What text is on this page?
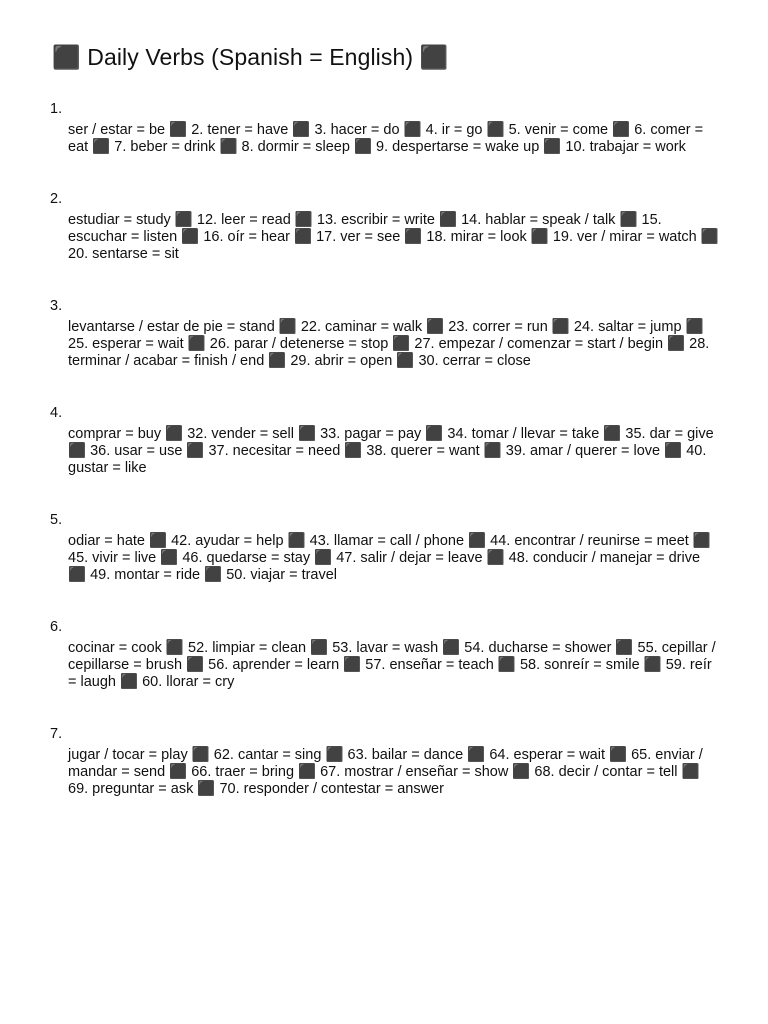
⬛ Daily Verbs (Spanish = English) ⬛
1.
ser / estar = be ⬛ 2. tener = have ⬛ 3. hacer = do ⬛ 4. ir = go ⬛ 5. venir = come ⬛ 6. comer = eat ⬛ 7. beber = drink ⬛ 8. dormir = sleep ⬛ 9. despertarse = wake up ⬛ 10. trabajar = work
2.
estudiar = study ⬛ 12. leer = read ⬛ 13. escribir = write ⬛ 14. hablar = speak / talk ⬛ 15. escuchar = listen ⬛ 16. oír = hear ⬛ 17. ver = see ⬛ 18. mirar = look ⬛ 19. ver / mirar = watch ⬛ 20. sentarse = sit
3.
levantarse / estar de pie = stand ⬛ 22. caminar = walk ⬛ 23. correr = run ⬛ 24. saltar = jump ⬛ 25. esperar = wait ⬛ 26. parar / detenerse = stop ⬛ 27. empezar / comenzar = start / begin ⬛ 28. terminar / acabar = finish / end ⬛ 29. abrir = open ⬛ 30. cerrar = close
4.
comprar = buy ⬛ 32. vender = sell ⬛ 33. pagar = pay ⬛ 34. tomar / llevar = take ⬛ 35. dar = give ⬛ 36. usar = use ⬛ 37. necesitar = need ⬛ 38. querer = want ⬛ 39. amar / querer = love ⬛ 40. gustar = like
5.
odiar = hate ⬛ 42. ayudar = help ⬛ 43. llamar = call / phone ⬛ 44. encontrar / reunirse = meet ⬛ 45. vivir = live ⬛ 46. quedarse = stay ⬛ 47. salir / dejar = leave ⬛ 48. conducir / manejar = drive ⬛ 49. montar = ride ⬛ 50. viajar = travel
6.
cocinar = cook ⬛ 52. limpiar = clean ⬛ 53. lavar = wash ⬛ 54. ducharse = shower ⬛ 55. cepillar / cepillarse = brush ⬛ 56. aprender = learn ⬛ 57. enseñar = teach ⬛ 58. sonreír = smile ⬛ 59. reír = laugh ⬛ 60. llorar = cry
7.
jugar / tocar = play ⬛ 62. cantar = sing ⬛ 63. bailar = dance ⬛ 64. esperar = wait ⬛ 65. enviar / mandar = send ⬛ 66. traer = bring ⬛ 67. mostrar / enseñar = show ⬛ 68. decir / contar = tell ⬛ 69. preguntar = ask ⬛ 70. responder / contestar = answer
